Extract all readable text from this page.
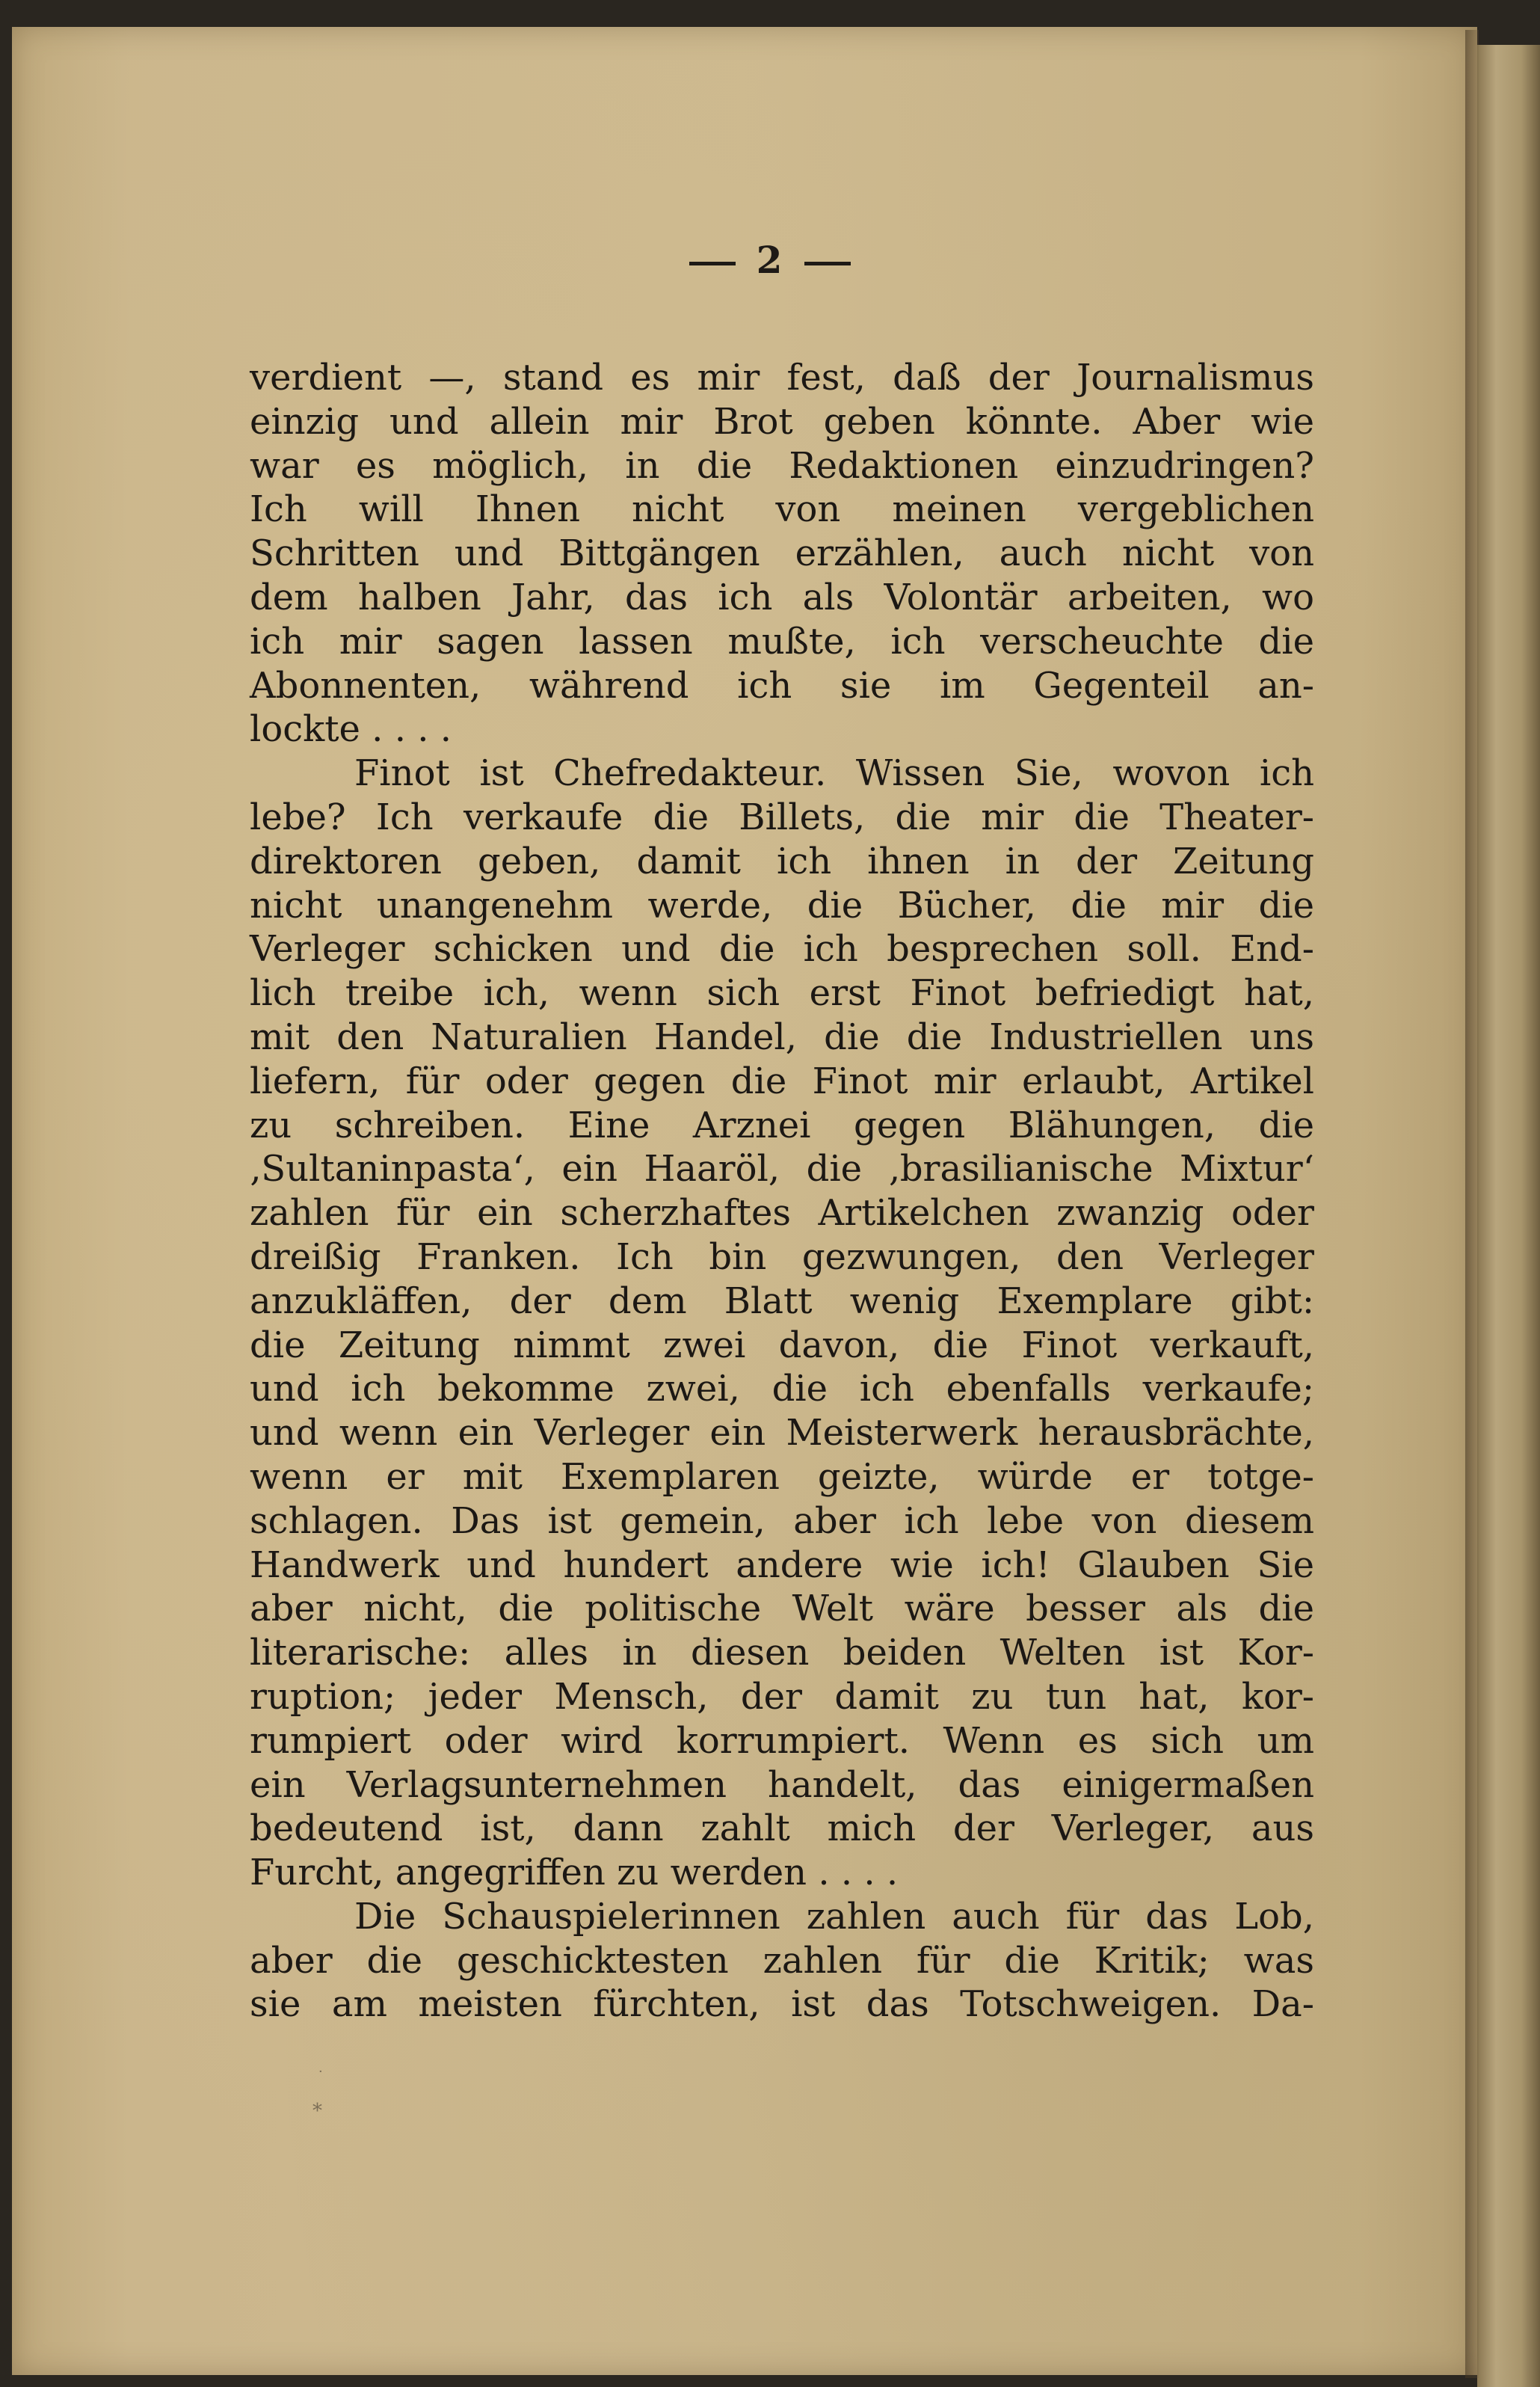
2
verdient —, stand es mir fest, daß der Journalismus
einzig und allein mir Brot geben könnte. Aber wie
war es möglich, in die Redaktionen einzudringen?
Ich will Ihnen nicht von meinen vergeblichen
Schritten und Bittgängen erzählen, auch nicht von
dem halben Jahr, das ich als Volontär arbeiten, wo
ich mir sagen lassen mußte, ich verscheuchte die
Abonnenten, während ich sie im Gegenteil an-
lockte . . . .
Finot ist Chefredakteur. Wissen Sie, wovon ich
lebe? Ich verkaufe die Billets, die mir die Theater-
direktoren geben, damit ich ihnen in der Zeitung
nicht unangenehm werde, die Bücher, die mir die
Verleger schicken und die ich besprechen soll. End-
lich treibe ich, wenn sich erst Finot befriedigt hat,
mit den Naturalien Handel, die die Industriellen uns
liefern, für oder gegen die Finot mir erlaubt, Artikel
zu schreiben. Eine Arznei gegen Blähungen, die
‚Sultaninpasta‘, ein Haaröl, die ‚brasilianische Mixtur‘
zahlen für ein scherzhaftes Artikelchen zwanzig oder
dreißig Franken. Ich bin gezwungen, den Verleger
anzukläffen, der dem Blatt wenig Exemplare gibt:
die Zeitung nimmt zwei davon, die Finot verkauft,
und ich bekomme zwei, die ich ebenfalls verkaufe;
und wenn ein Verleger ein Meisterwerk herausbrächte,
wenn er mit Exemplaren geizte, würde er totge-
schlagen. Das ist gemein, aber ich lebe von diesem
Handwerk und hundert andere wie ich! Glauben Sie
aber nicht, die politische Welt wäre besser als die
literarische: alles in diesen beiden Welten ist Kor-
ruption; jeder Mensch, der damit zu tun hat, kor-
rumpiert oder wird korrumpiert. Wenn es sich um
ein Verlagsunternehmen handelt, das einigermaßen
bedeutend ist, dann zahlt mich der Verleger, aus
Furcht, angegriffen zu werden . . . .
Die Schauspielerinnen zahlen auch für das Lob,
aber die geschicktesten zahlen für die Kritik; was
sie am meisten fürchten, ist das Totschweigen. Da-
⁎
·
